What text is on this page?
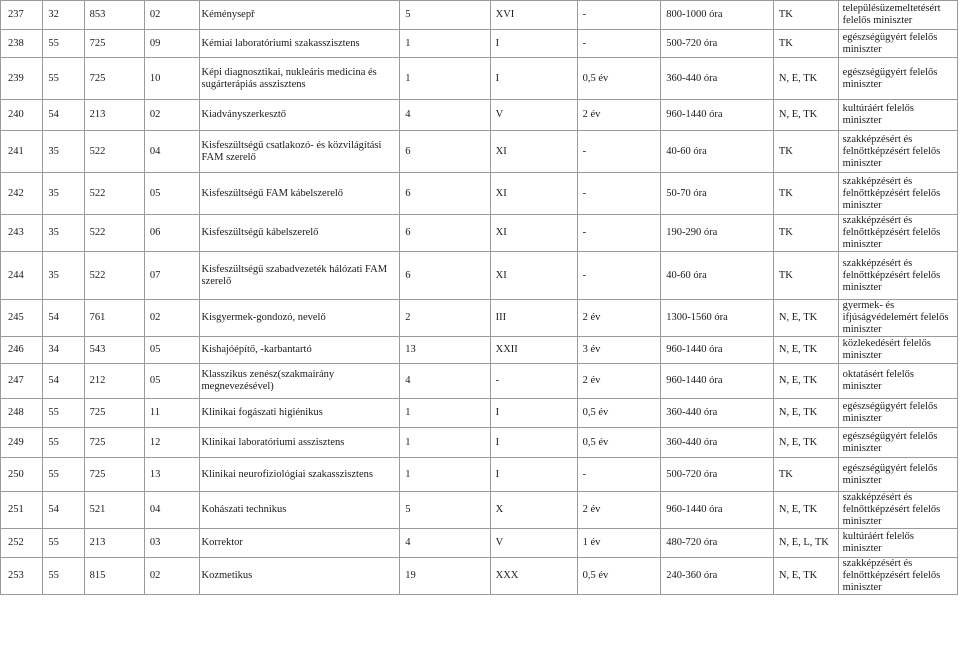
237	32	853	02	Kéménysepř	5	XVI	-	800-1000 óra	TK	településüzemeltetésért felelős miniszter
238	55	725	09	Kémiai laboratóriumi szakasszisztens	1	I	-	500-720 óra	TK	egészségügyért felelős miniszter
239	55	725	10	Képi diagnosztikai, nukleáris medicina és sugárterápiás asszisztens	1	I	0,5 év	360-440 óra	N, E, TK	egészségügyért felelős miniszter
240	54	213	02	Kiadványszerkesztő	4	V	2 év	960-1440 óra	N, E, TK	kultúráért felelős miniszter
241	35	522	04	Kisfeszültségű csatlakozó- és közvilágítási FAM szerelő	6	XI	-	40-60 óra	TK	szakképzésért és felnőttképzésért felelős miniszter
242	35	522	05	Kisfeszültségű FAM kábelszerelő	6	XI	-	50-70 óra	TK	szakképzésért és felnőttképzésért felelős miniszter
243	35	522	06	Kisfeszültségű kábelszerelő	6	XI	-	190-290 óra	TK	szakképzésért és felnőttképzésért felelős miniszter
244	35	522	07	Kisfeszültségű szabadvezeték hálózati FAM szerelő	6	XI	-	40-60 óra	TK	szakképzésért és felnőttképzésért felelős miniszter
245	54	761	02	Kisgyermek-gondozó, nevelő	2	III	2 év	1300-1560 óra	N, E, TK	gyermek- és ifjúságvédelemért felelős miniszter
246	34	543	05	Kishajóépítő, -karbantartó	13	XXII	3 év	960-1440 óra	N, E, TK	közlekedésért felelős miniszter
247	54	212	05	Klasszikus zenész(szakmairány megnevezésével)	4	-	2 év	960-1440 óra	N, E, TK	oktatásért felelős miniszter
248	55	725	11	Klinikai fogászati higiénikus	1	I	0,5 év	360-440 óra	N, E, TK	egészségügyért felelős miniszter
249	55	725	12	Klinikai laboratóriumi asszisztens	1	I	0,5 év	360-440 óra	N, E, TK	egészségügyért felelős miniszter
250	55	725	13	Klinikai neurofiziológiai szakasszisztens	1	I	-	500-720 óra	TK	egészségügyért felelős miniszter
251	54	521	04	Kohászati technikus	5	X	2 év	960-1440 óra	N, E, TK	szakképzésért és felnőttképzésért felelős miniszter
252	55	213	03	Korrektor	4	V	1 év	480-720 óra	N, E, L, TK	kultúráért felelős miniszter
253	55	815	02	Kozmetikus	19	XXX	0,5 év	240-360 óra	N, E, TK	szakképzésért és felnőttképzésért felelős miniszter
